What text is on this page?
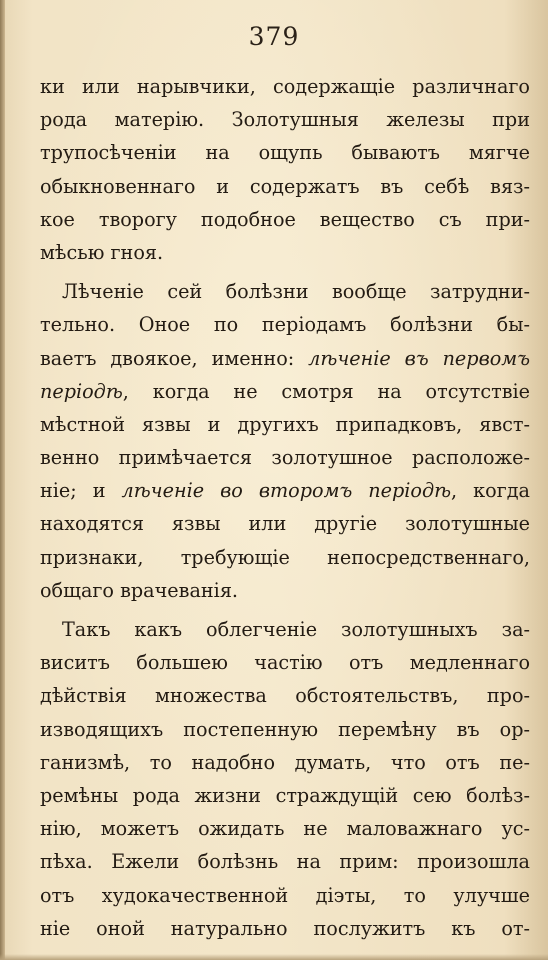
379
ки или нарывчики, содержащіе различнаго
рода матерію. Золотушныя железы при
трупосѣченіи на ощупь бываютъ мягче
обыкновеннаго и содержатъ въ себѣ вяз-
кое творогу подобное вещество съ при-
мѣсью гноя.
Лѣченіе сей болѣзни вообще затрудни-
тельно. Оное по періодамъ болѣзни бы-
ваетъ двоякое, именно: лѣченіе въ первомъ
періодѣ, когда не смотря на отсутствіе
мѣстной язвы и другихъ припадковъ, явст-
венно примѣчается золотушное расположе-
ніе; и лѣченіе во второмъ періодѣ, когда
находятся язвы или другіе золотушные
признаки, требующіе непосредственнаго,
общаго врачеванія.
Такъ какъ облегченіе золотушныхъ за-
виситъ большею частію отъ медленнаго
дѣйствія множества обстоятельствъ, про-
изводящихъ постепенную перемѣну въ ор-
ганизмѣ, то надобно думать, что отъ пе-
ремѣны рода жизни страждущій сею болѣз-
нію, можетъ ожидать не маловажнаго ус-
пѣха. Ежели болѣзнь на прим: произошла
отъ худокачественной діэты, то улучше
ніе оной натурально послужитъ къ от-
